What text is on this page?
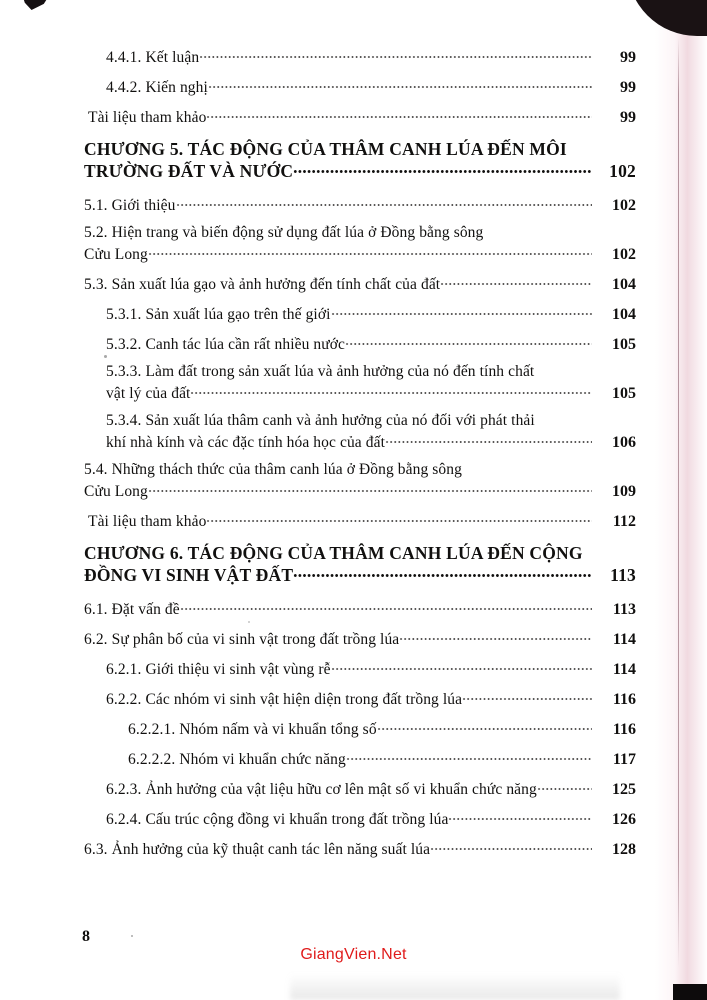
4.4.1. Kết luận	99
4.4.2. Kiến nghị	99
Tài liệu tham khảo	99
CHƯƠNG 5. TÁC ĐỘNG CỦA THÂM CANH LÚA ĐẾN MÔI
TRƯỜNG ĐẤT VÀ NƯỚC	102
5.1. Giới thiệu	102
5.2. Hiện trang và biến động sử dụng đất lúa ở Đồng bằng sông
Cửu Long	102
5.3. Sản xuất lúa gạo và ảnh hưởng đến tính chất của đất	104
5.3.1. Sản xuất lúa gạo trên thế giới	104
5.3.2. Canh tác lúa cần rất nhiều nước	105
5.3.3. Làm đất trong sản xuất lúa và ảnh hưởng của nó đến tính chất
vật lý của đất	105
5.3.4. Sản xuất lúa thâm canh và ảnh hưởng của nó đối với phát thải
khí nhà kính và các đặc tính hóa học của đất	106
5.4. Những thách thức của thâm canh lúa ở Đồng bằng sông
Cửu Long	109
Tài liệu tham khảo	112
CHƯƠNG 6. TÁC ĐỘNG CỦA THÂM CANH LÚA ĐẾN CỘNG
ĐỒNG VI SINH VẬT ĐẤT	113
6.1. Đặt vấn đề	113
6.2. Sự phân bố của vi sinh vật trong đất trồng lúa	114
6.2.1. Giới thiệu vi sinh vật vùng rễ	114
6.2.2. Các nhóm vi sinh vật hiện diện trong đất trồng lúa	116
6.2.2.1. Nhóm nấm và vi khuẩn tổng số	116
6.2.2.2. Nhóm vi khuẩn chức năng	117
6.2.3. Ảnh hưởng của vật liệu hữu cơ lên mật số vi khuẩn chức năng	125
6.2.4. Cấu trúc cộng đồng vi khuẩn trong đất trồng lúa	126
6.3. Ảnh hưởng của kỹ thuật canh tác lên năng suất lúa	128
8
GiangVien.Net
